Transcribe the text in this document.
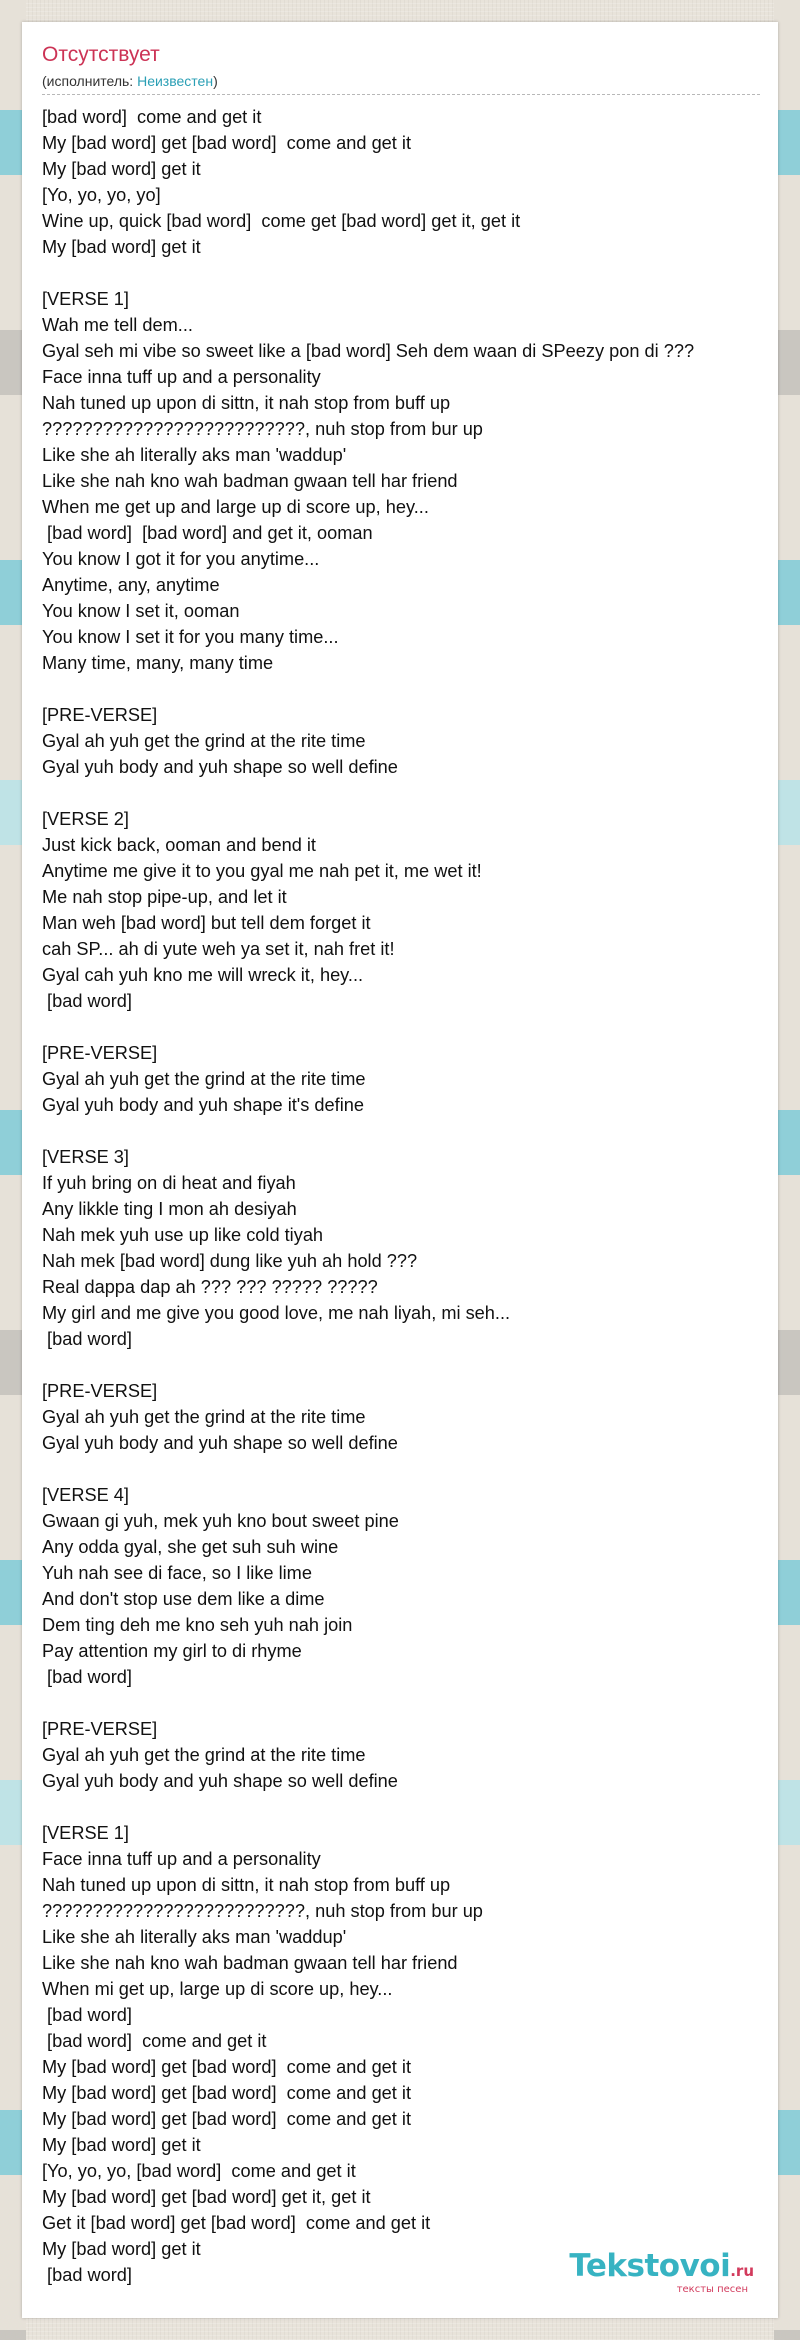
Отсутствует
(исполнитель: Неизвестен)
[bad word]  come and get it
My [bad word] get [bad word]  come and get it
My [bad word] get it
[Yo, yo, yo, yo]
Wine up, quick [bad word]  come get [bad word] get it, get it
My [bad word] get it

[VERSE 1]
Wah me tell dem...
Gyal seh mi vibe so sweet like a [bad word] Seh dem waan di SPeezy pon di ???
Face inna tuff up and a personality
Nah tuned up upon di sittn, it nah stop from buff up
??????????????????????????, nuh stop from bur up
Like she ah literally aks man 'waddup'
Like she nah kno wah badman gwaan tell har friend
When me get up and large up di score up, hey...
[bad word]  [bad word] and get it, ooman
You know I got it for you anytime...
Anytime, any, anytime
You know I set it, ooman
You know I set it for you many time...
Many time, many, many time

[PRE-VERSE]
Gyal ah yuh get the grind at the rite time
Gyal yuh body and yuh shape so well define

[VERSE 2]
Just kick back, ooman and bend it
Anytime me give it to you gyal me nah pet it, me wet it!
Me nah stop pipe-up, and let it
Man weh [bad word] but tell dem forget it
cah SP... ah di yute weh ya set it, nah fret it!
Gyal cah yuh kno me will wreck it, hey...
[bad word]

[PRE-VERSE]
Gyal ah yuh get the grind at the rite time
Gyal yuh body and yuh shape it's define

[VERSE 3]
If yuh bring on di heat and fiyah
Any likkle ting I mon ah desiyah
Nah mek yuh use up like cold tiyah
Nah mek [bad word] dung like yuh ah hold ???
Real dappa dap ah ??? ??? ????? ?????
My girl and me give you good love, me nah liyah, mi seh...
[bad word]

[PRE-VERSE]
Gyal ah yuh get the grind at the rite time
Gyal yuh body and yuh shape so well define

[VERSE 4]
Gwaan gi yuh, mek yuh kno bout sweet pine
Any odda gyal, she get suh suh wine
Yuh nah see di face, so I like lime
And don't stop use dem like a dime
Dem ting deh me kno seh yuh nah join
Pay attention my girl to di rhyme
[bad word]

[PRE-VERSE]
Gyal ah yuh get the grind at the rite time
Gyal yuh body and yuh shape so well define

[VERSE 1]
Face inna tuff up and a personality
Nah tuned up upon di sittn, it nah stop from buff up
??????????????????????????, nuh stop from bur up
Like she ah literally aks man 'waddup'
Like she nah kno wah badman gwaan tell har friend
When mi get up, large up di score up, hey...
[bad word]
[bad word]  come and get it
My [bad word] get [bad word]  come and get it
My [bad word] get [bad word]  come and get it
My [bad word] get [bad word]  come and get it
My [bad word] get it
[Yo, yo, yo, [bad word]  come and get it
My [bad word] get [bad word] get it, get it
Get it [bad word] get [bad word]  come and get it
My [bad word] get it
[bad word]	Tekstovoi.ru
тексты песен
